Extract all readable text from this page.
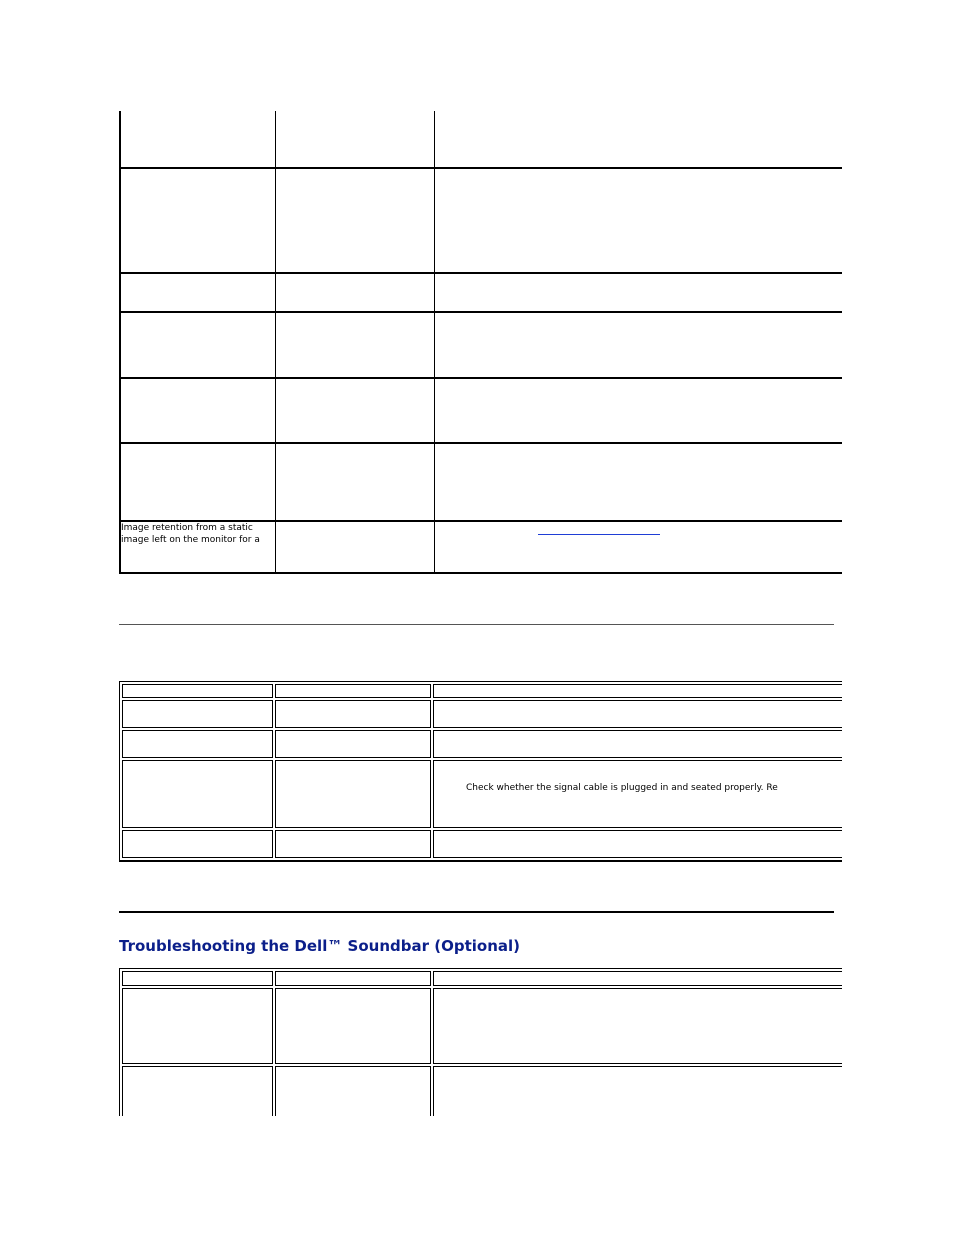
Image retention from a static
image left on the monitor for a		

		Check whether the signal cable is plugged in and seated properly. Re

Troubleshooting the Dell™ Soundbar (Optional)
